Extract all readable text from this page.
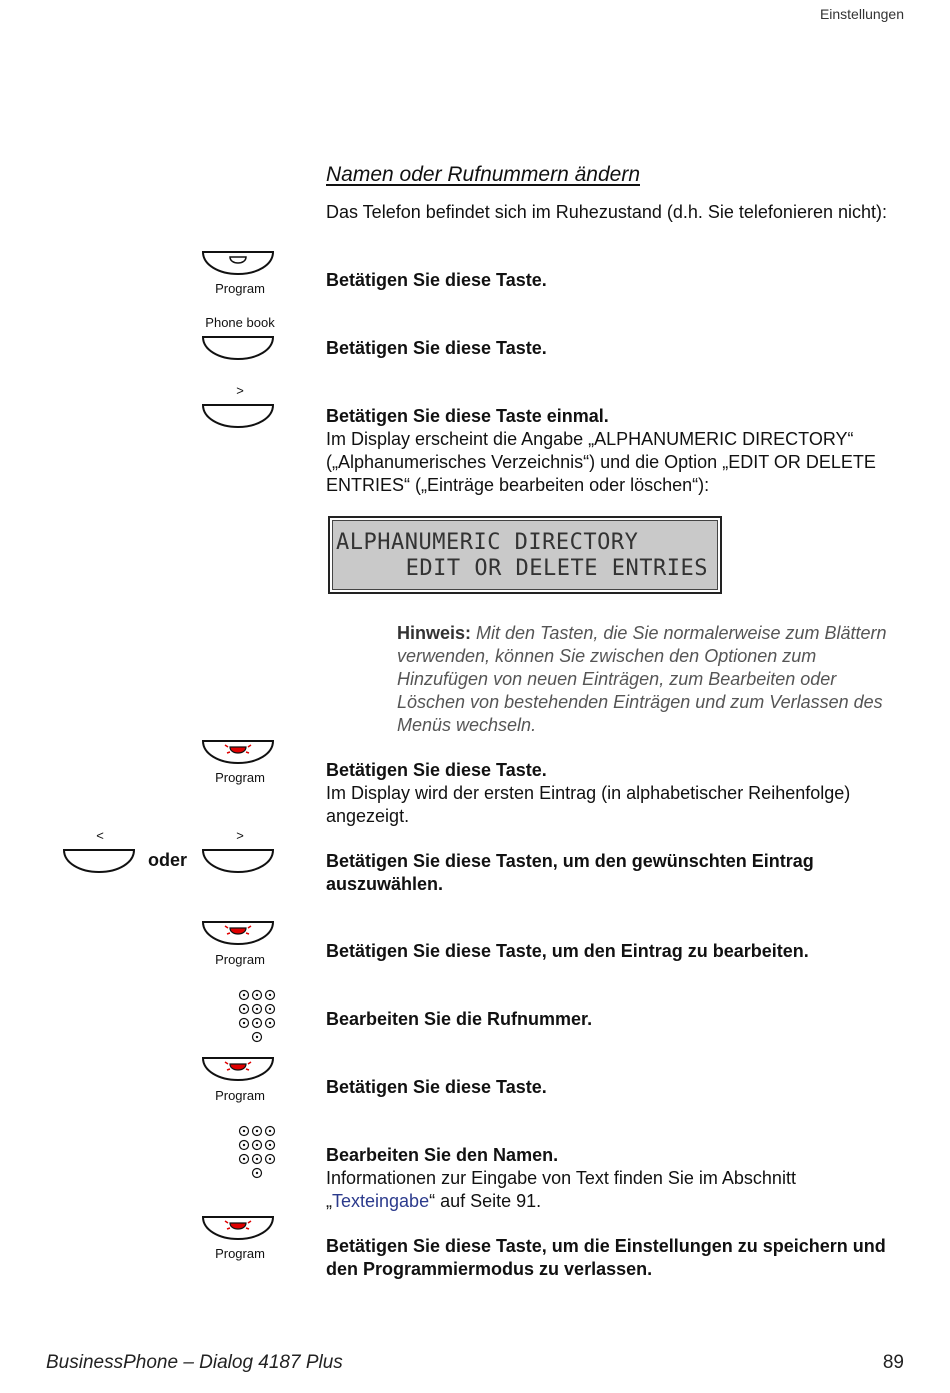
Einstellungen
Namen oder Rufnummern ändern
Das Telefon befindet sich im Ruhezustand (d.h. Sie telefonieren nicht):
Program	Betätigen Sie diese Taste.
Phone book
Betätigen Sie diese Taste.
>
Betätigen Sie diese Taste einmal.
Im Display erscheint die Angabe „ALPHANUMERIC DIRECTORY“ („Alphanumerisches Verzeichnis“) und die Option „EDIT OR DELETE ENTRIES“ („Einträge bearbeiten oder löschen“):
ALPHANUMERIC DIRECTORY
EDIT OR DELETE ENTRIES
Hinweis: Mit den Tasten, die Sie normalerweise zum Blättern verwenden, können Sie zwischen den Optionen zum Hinzufügen von neuen Einträgen, zum Bearbeiten oder Löschen von bestehenden Einträgen und zum Verlassen des Menüs wechseln.
Program	Betätigen Sie diese Taste.
Im Display wird der ersten Eintrag (in alphabetischer Reihenfolge) angezeigt.
<
oder
>
Betätigen Sie diese Tasten, um den gewünschten Eintrag auszuwählen.
Program	Betätigen Sie diese Taste, um den Eintrag zu bearbeiten.
Bearbeiten Sie die Rufnummer.
Program	Betätigen Sie diese Taste.
Bearbeiten Sie den Namen.
Informationen zur Eingabe von Text finden Sie im Abschnitt „Texteingabe“ auf Seite 91.
Program	Betätigen Sie diese Taste, um die Einstellungen zu speichern und den Programmiermodus zu verlassen.
BusinessPhone – Dialog 4187 Plus	89
